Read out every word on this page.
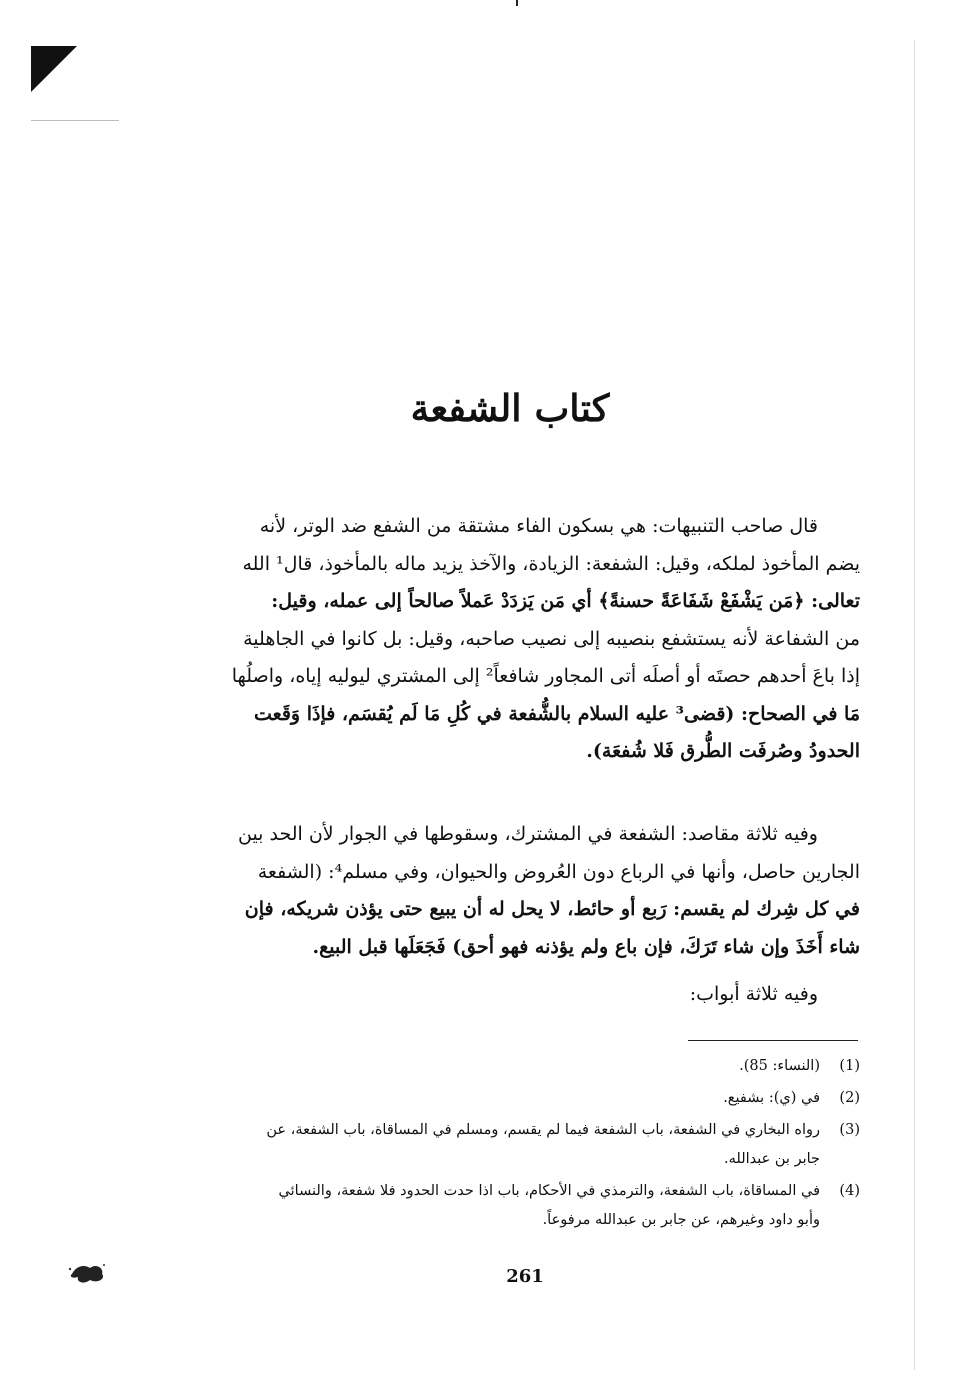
كتاب الشفعة
قال صاحب التنبيهات: هي بسكون الفاء مشتقة من الشفع ضد الوتر، لأنه
يضم المأخوذ لملكه، وقيل: الشفعة: الزيادة، والآخذ يزيد ماله بالمأخوذ، قال¹ الله
تعالى: ﴿مَن يَشْفَعْ شَفَاعَةً حسنةً﴾ أي مَن يَزدَدْ عَملاً صالحاً إلى عمله، وقيل:
من الشفاعة لأنه يستشفع بنصيبه إلى نصيب صاحبه، وقيل: بل كانوا في الجاهلية
إذا باعَ أحدهم حصتَه أو أصلَه أتى المجاور شافعاً² إلى المشتري ليوليه إياه، واصلُها
مَا في الصحاح: (قضى³ عليه السلام بالشُّفعة في كُلِ مَا لَم يُقسَم، فإذَا وَقَعت
الحدودُ وصُرفَت الطُّرق فَلا شُفعَة).
وفيه ثلاثة مقاصد: الشفعة في المشترك، وسقوطها في الجوار لأن الحد بين
الجارين حاصل، وأنها في الرباع دون العُروض والحيوان، وفي مسلم⁴: (الشفعة
في كل شِرك لم يقسم: رَبع أو حائط، لا يحل له أن يبيع حتى يؤذن شريكه، فإن
شاء أَخَذَ وإن شاء تَرَكَ، فإن باع ولم يؤذنه فهو أحق) فَجَعَلَها قبل البيع.
وفيه ثلاثة أبواب:
(1)
(النساء: 85).
(2)
في (ي): بشفيع.
(3)
رواه البخاري في الشفعة، باب الشفعة فيما لم يقسم، ومسلم في المساقاة، باب الشفعة، عن
جابر بن عبدالله.
(4)
في المساقاة، باب الشفعة، والترمذي في الأحكام، باب اذا حدت الحدود فلا شفعة، والنسائي
وأبو داود وغيرهم، عن جابر بن عبدالله مرفوعاً.
261
